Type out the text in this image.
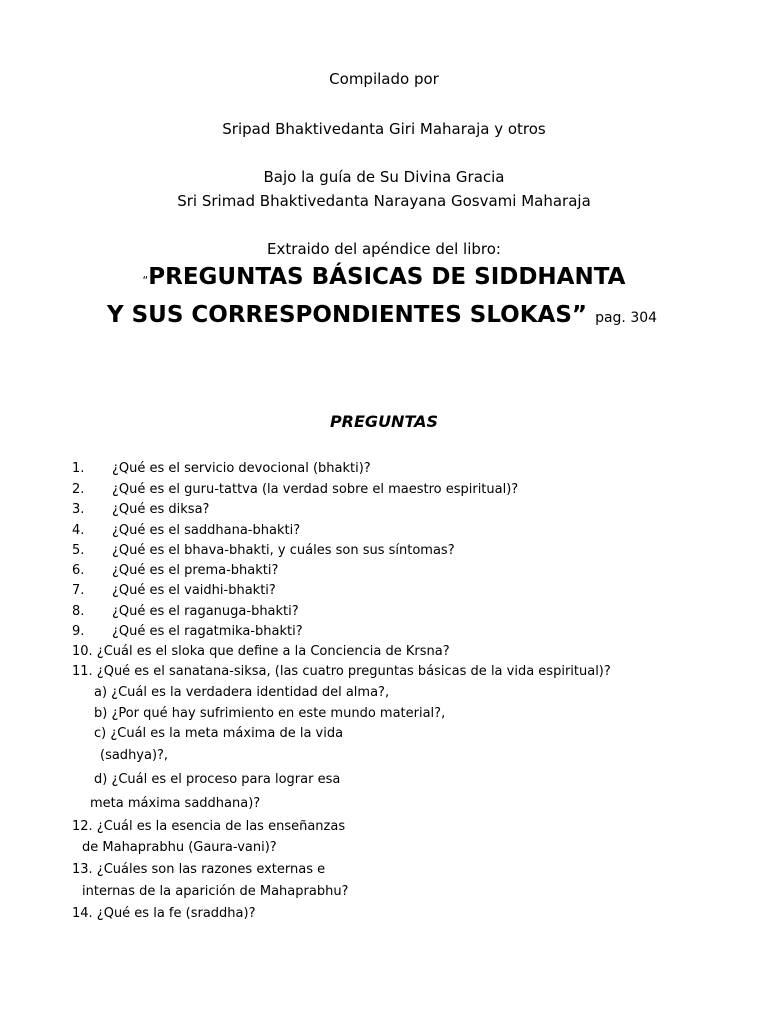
Compilado por
Sripad Bhaktivedanta Giri Maharaja y otros
Bajo la guía de Su Divina Gracia
Sri Srimad Bhaktivedanta Narayana Gosvami Maharaja
Extraido del apéndice del libro:
“PREGUNTAS BÁSICAS DE SIDDHANTA
Y SUS CORRESPONDIENTES SLOKAS” pag. 304
PREGUNTAS
1. ¿Qué es el servicio devocional (bhakti)?
2. ¿Qué es el guru-tattva (la verdad sobre el maestro espiritual)?
3. ¿Qué es diksa?
4. ¿Qué es el saddhana-bhakti?
5. ¿Qué es el bhava-bhakti, y cuáles son sus síntomas?
6. ¿Qué es el prema-bhakti?
7. ¿Qué es el vaidhi-bhakti?
8. ¿Qué es el raganuga-bhakti?
9. ¿Qué es el ragatmika-bhakti?
10. ¿Cuál es el sloka que define a la Conciencia de Krsna?
11. ¿Qué es el sanatana-siksa, (las cuatro preguntas básicas de la vida espiritual)?
a) ¿Cuál es la verdadera identidad del alma?,
b) ¿Por qué hay sufrimiento en este mundo material?,
c) ¿Cuál es la meta máxima de la vida
(sadhya)?,
d) ¿Cuál es el proceso para lograr esa
meta máxima saddhana)?
12. ¿Cuál es la esencia de las enseñanzas
de Mahaprabhu (Gaura-vani)?
13. ¿Cuáles son las razones externas e
internas de la aparición de Mahaprabhu?
14. ¿Qué es la fe (sraddha)?
